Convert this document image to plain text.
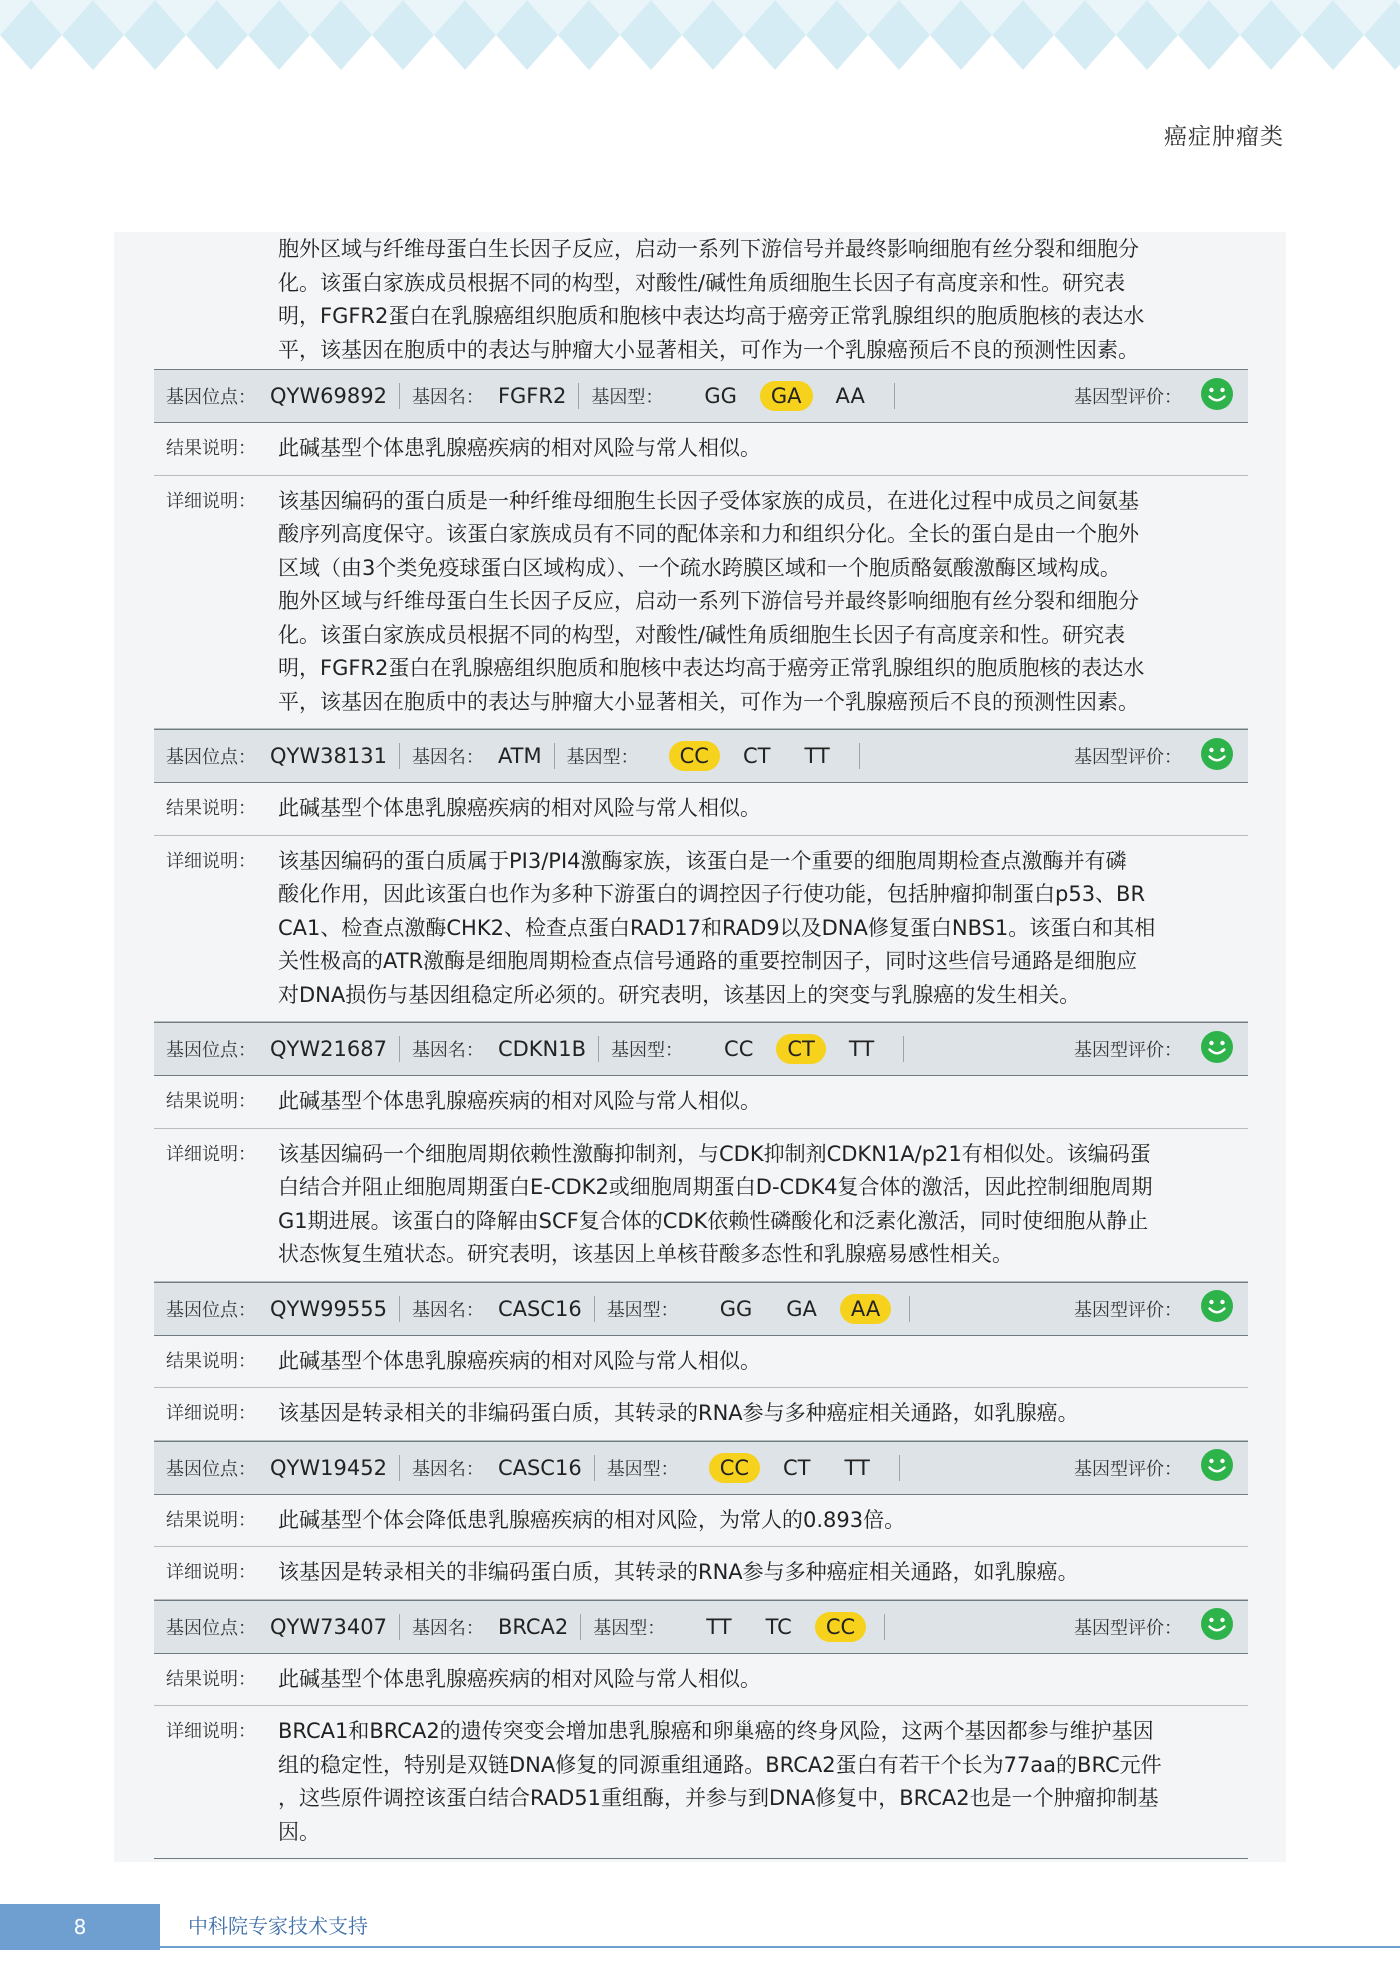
癌症肿瘤类
胞外区域与纤维母蛋白生长因子反应，启动一系列下游信号并最终影响细胞有丝分裂和细胞分
化。该蛋白家族成员根据不同的构型，对酸性/碱性角质细胞生长因子有高度亲和性。研究表
明，FGFR2蛋白在乳腺癌组织胞质和胞核中表达均高于癌旁正常乳腺组织的胞质胞核的表达水
平，该基因在胞质中的表达与肿瘤大小显著相关，可作为一个乳腺癌预后不良的预测性因素。
基因位点： QYW69892 基因名： FGFR2 基因型：	GG GA AA	基因型评价：
结果说明：	此碱基型个体患乳腺癌疾病的相对风险与常人相似。
详细说明：	该基因编码的蛋白质是一种纤维母细胞生长因子受体家族的成员，在进化过程中成员之间氨基
酸序列高度保守。该蛋白家族成员有不同的配体亲和力和组织分化。全长的蛋白是由一个胞外
区域（由3个类免疫球蛋白区域构成）、一个疏水跨膜区域和一个胞质酪氨酸激酶区域构成。
胞外区域与纤维母蛋白生长因子反应，启动一系列下游信号并最终影响细胞有丝分裂和细胞分
化。该蛋白家族成员根据不同的构型，对酸性/碱性角质细胞生长因子有高度亲和性。研究表
明，FGFR2蛋白在乳腺癌组织胞质和胞核中表达均高于癌旁正常乳腺组织的胞质胞核的表达水
平，该基因在胞质中的表达与肿瘤大小显著相关，可作为一个乳腺癌预后不良的预测性因素。
基因位点： QYW38131 基因名： ATM 基因型：	CC CT TT	基因型评价：
结果说明：	此碱基型个体患乳腺癌疾病的相对风险与常人相似。
详细说明：	该基因编码的蛋白质属于PI3/PI4激酶家族，该蛋白是一个重要的细胞周期检查点激酶并有磷
酸化作用，因此该蛋白也作为多种下游蛋白的调控因子行使功能，包括肿瘤抑制蛋白p53、BR
CA1、检查点激酶CHK2、检查点蛋白RAD17和RAD9以及DNA修复蛋白NBS1。该蛋白和其相
关性极高的ATR激酶是细胞周期检查点信号通路的重要控制因子，同时这些信号通路是细胞应
对DNA损伤与基因组稳定所必须的。研究表明，该基因上的突变与乳腺癌的发生相关。
基因位点： QYW21687 基因名： CDKN1B 基因型：	CC CT TT	基因型评价：
结果说明：	此碱基型个体患乳腺癌疾病的相对风险与常人相似。
详细说明：	该基因编码一个细胞周期依赖性激酶抑制剂，与CDK抑制剂CDKN1A/p21有相似处。该编码蛋
白结合并阻止细胞周期蛋白E-CDK2或细胞周期蛋白D-CDK4复合体的激活，因此控制细胞周期
G1期进展。该蛋白的降解由SCF复合体的CDK依赖性磷酸化和泛素化激活，同时使细胞从静止
状态恢复生殖状态。研究表明，该基因上单核苷酸多态性和乳腺癌易感性相关。
基因位点： QYW99555 基因名： CASC16 基因型：	GG GA AA	基因型评价：
结果说明：	此碱基型个体患乳腺癌疾病的相对风险与常人相似。
详细说明：	该基因是转录相关的非编码蛋白质，其转录的RNA参与多种癌症相关通路，如乳腺癌。
基因位点： QYW19452 基因名： CASC16 基因型：	CC CT TT	基因型评价：
结果说明：	此碱基型个体会降低患乳腺癌疾病的相对风险，为常人的0.893倍。
详细说明：	该基因是转录相关的非编码蛋白质，其转录的RNA参与多种癌症相关通路，如乳腺癌。
基因位点： QYW73407 基因名： BRCA2 基因型：	TT TC CC	基因型评价：
结果说明：	此碱基型个体患乳腺癌疾病的相对风险与常人相似。
详细说明：	BRCA1和BRCA2的遗传突变会增加患乳腺癌和卵巢癌的终身风险，这两个基因都参与维护基因
组的稳定性，特别是双链DNA修复的同源重组通路。BRCA2蛋白有若干个长为77aa的BRC元件
，这些原件调控该蛋白结合RAD51重组酶，并参与到DNA修复中，BRCA2也是一个肿瘤抑制基
因。
8	中科院专家技术支持
